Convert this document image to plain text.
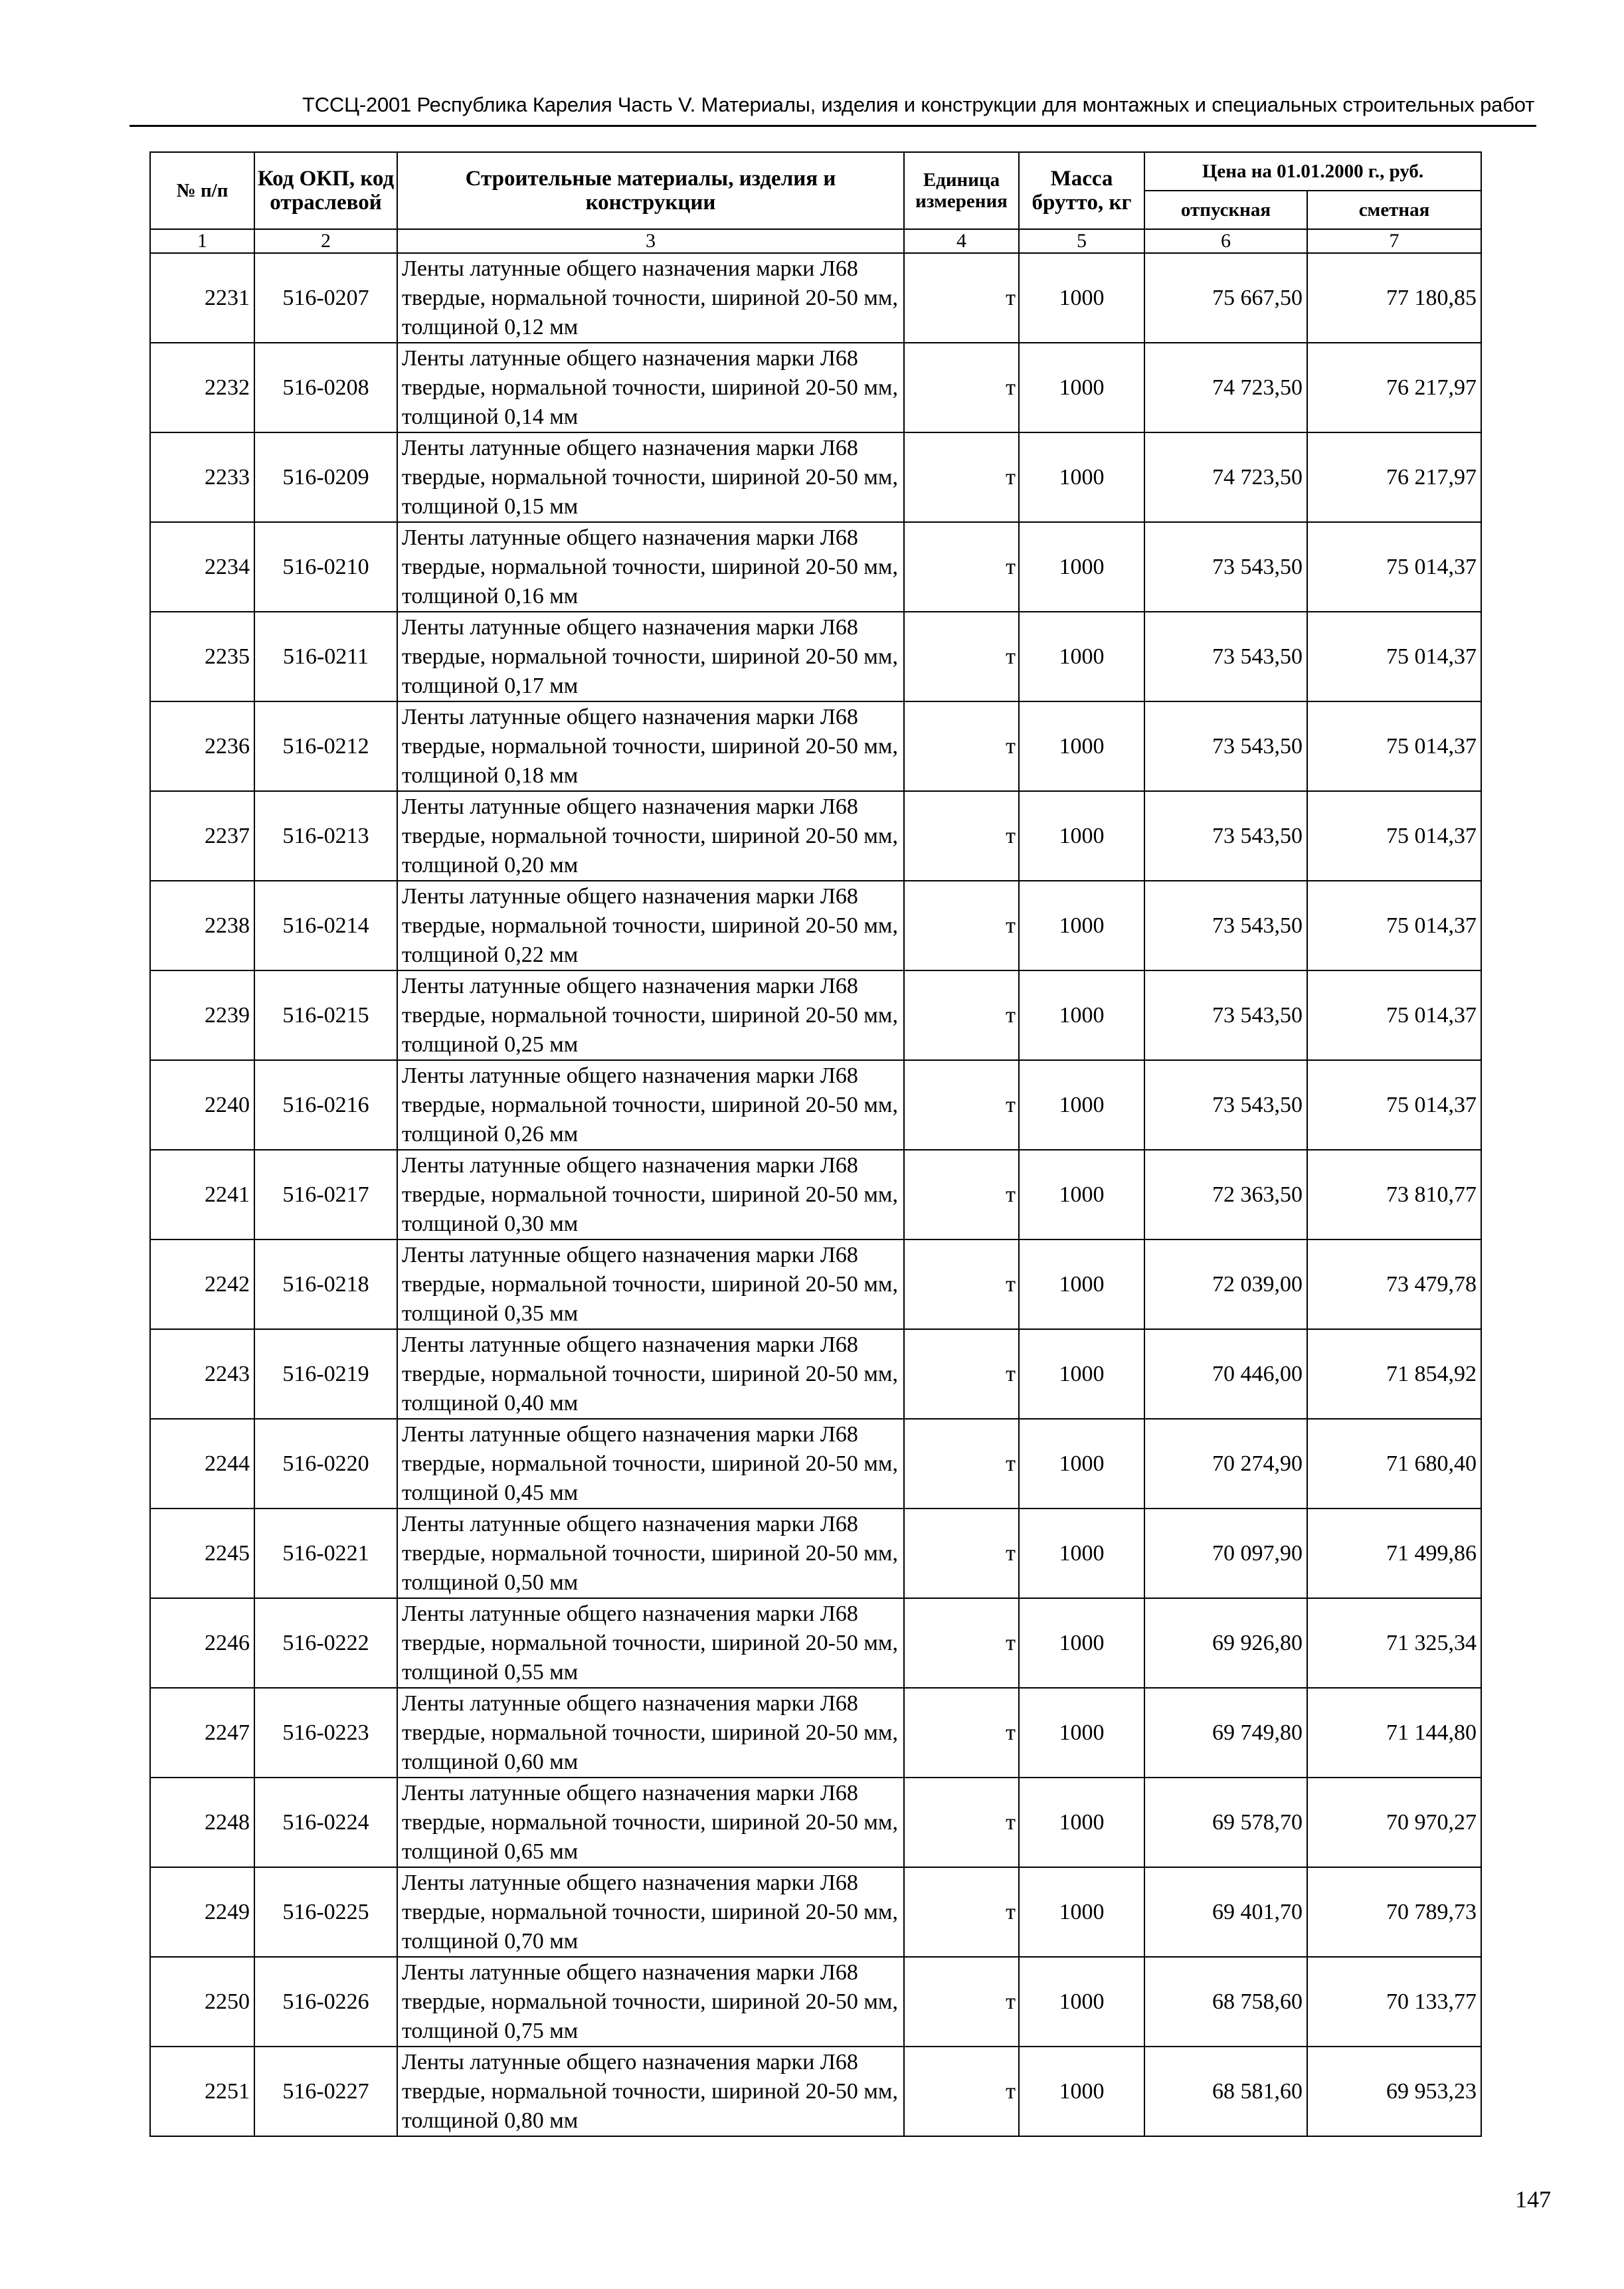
ТССЦ-2001 Республика Карелия Часть V. Материалы, изделия и конструкции для монтажных и специальных строительных работ
№ п/п	Код ОКП, код отраслевой	Строительные материалы, изделия и конструкции	Единица измерения	Масса брутто, кг	Цена на 01.01.2000 г., руб.	
					отпускная	сметная
1	2	3	4	5	6	7
2231	516-0207	Ленты латунные общего назначения марки Л68 твердые, нормальной точности, шириной 20-50 мм, толщиной 0,12 мм	т	1000	75 667,50	77 180,85
2232	516-0208	Ленты латунные общего назначения марки Л68 твердые, нормальной точности, шириной 20-50 мм, толщиной 0,14 мм	т	1000	74 723,50	76 217,97
2233	516-0209	Ленты латунные общего назначения марки Л68 твердые, нормальной точности, шириной 20-50 мм, толщиной 0,15 мм	т	1000	74 723,50	76 217,97
2234	516-0210	Ленты латунные общего назначения марки Л68 твердые, нормальной точности, шириной 20-50 мм, толщиной 0,16 мм	т	1000	73 543,50	75 014,37
2235	516-0211	Ленты латунные общего назначения марки Л68 твердые, нормальной точности, шириной 20-50 мм, толщиной 0,17 мм	т	1000	73 543,50	75 014,37
2236	516-0212	Ленты латунные общего назначения марки Л68 твердые, нормальной точности, шириной 20-50 мм, толщиной 0,18 мм	т	1000	73 543,50	75 014,37
2237	516-0213	Ленты латунные общего назначения марки Л68 твердые, нормальной точности, шириной 20-50 мм, толщиной 0,20 мм	т	1000	73 543,50	75 014,37
2238	516-0214	Ленты латунные общего назначения марки Л68 твердые, нормальной точности, шириной 20-50 мм, толщиной 0,22 мм	т	1000	73 543,50	75 014,37
2239	516-0215	Ленты латунные общего назначения марки Л68 твердые, нормальной точности, шириной 20-50 мм, толщиной 0,25 мм	т	1000	73 543,50	75 014,37
2240	516-0216	Ленты латунные общего назначения марки Л68 твердые, нормальной точности, шириной 20-50 мм, толщиной 0,26 мм	т	1000	73 543,50	75 014,37
2241	516-0217	Ленты латунные общего назначения марки Л68 твердые, нормальной точности, шириной 20-50 мм, толщиной 0,30 мм	т	1000	72 363,50	73 810,77
2242	516-0218	Ленты латунные общего назначения марки Л68 твердые, нормальной точности, шириной 20-50 мм, толщиной 0,35 мм	т	1000	72 039,00	73 479,78
2243	516-0219	Ленты латунные общего назначения марки Л68 твердые, нормальной точности, шириной 20-50 мм, толщиной 0,40 мм	т	1000	70 446,00	71 854,92
2244	516-0220	Ленты латунные общего назначения марки Л68 твердые, нормальной точности, шириной 20-50 мм, толщиной 0,45 мм	т	1000	70 274,90	71 680,40
2245	516-0221	Ленты латунные общего назначения марки Л68 твердые, нормальной точности, шириной 20-50 мм, толщиной 0,50 мм	т	1000	70 097,90	71 499,86
2246	516-0222	Ленты латунные общего назначения марки Л68 твердые, нормальной точности, шириной 20-50 мм, толщиной 0,55 мм	т	1000	69 926,80	71 325,34
2247	516-0223	Ленты латунные общего назначения марки Л68 твердые, нормальной точности, шириной 20-50 мм, толщиной 0,60 мм	т	1000	69 749,80	71 144,80
2248	516-0224	Ленты латунные общего назначения марки Л68 твердые, нормальной точности, шириной 20-50 мм, толщиной 0,65 мм	т	1000	69 578,70	70 970,27
2249	516-0225	Ленты латунные общего назначения марки Л68 твердые, нормальной точности, шириной 20-50 мм, толщиной 0,70 мм	т	1000	69 401,70	70 789,73
2250	516-0226	Ленты латунные общего назначения марки Л68 твердые, нормальной точности, шириной 20-50 мм, толщиной 0,75 мм	т	1000	68 758,60	70 133,77
2251	516-0227	Ленты латунные общего назначения марки Л68 твердые, нормальной точности, шириной 20-50 мм, толщиной 0,80 мм	т	1000	68 581,60	69 953,23
147
